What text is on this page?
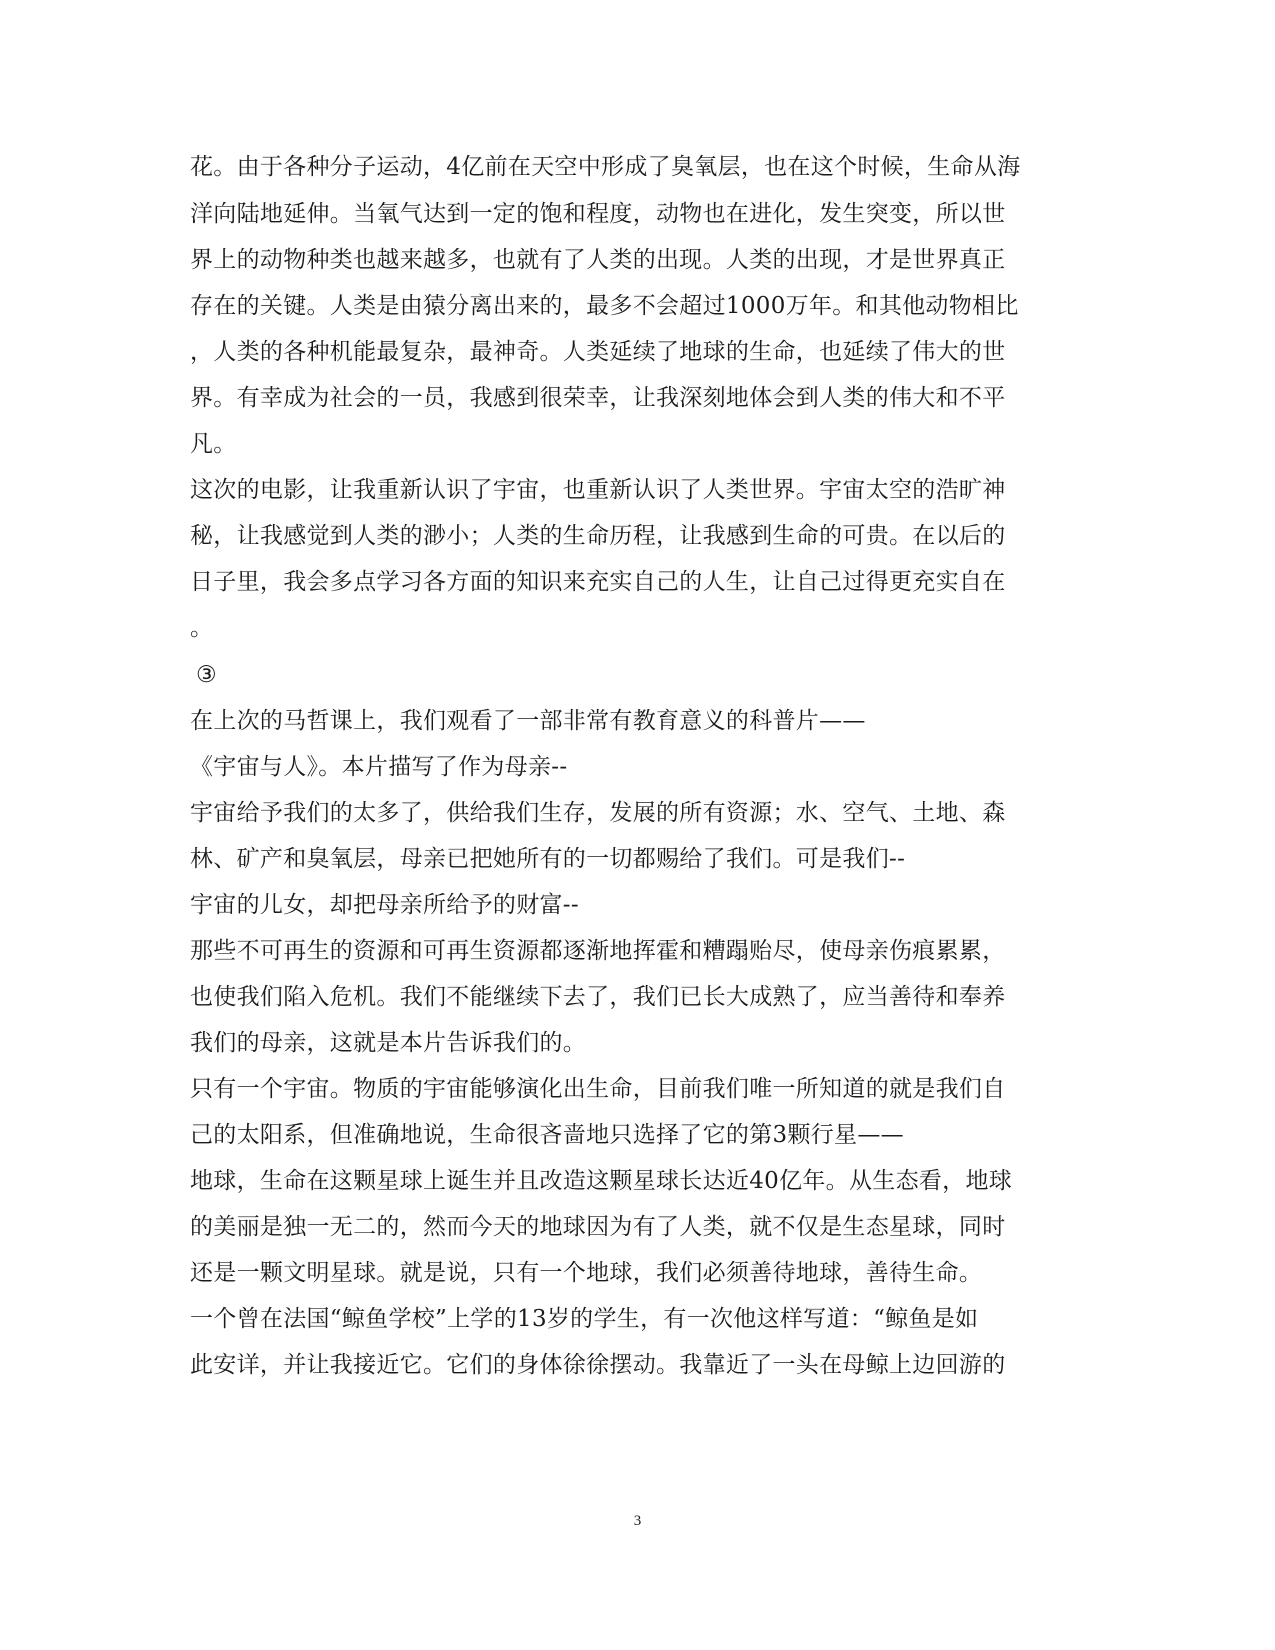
花。由于各种分子运动，4亿前在天空中形成了臭氧层，也在这个时候，生命从海
洋向陆地延伸。当氧气达到一定的饱和程度，动物也在进化，发生突变，所以世
界上的动物种类也越来越多，也就有了人类的出现。人类的出现，才是世界真正
存在的关键。人类是由猿分离出来的，最多不会超过1000万年。和其他动物相比
，人类的各种机能最复杂，最神奇。人类延续了地球的生命，也延续了伟大的世
界。有幸成为社会的一员，我感到很荣幸，让我深刻地体会到人类的伟大和不平
凡。
这次的电影，让我重新认识了宇宙，也重新认识了人类世界。宇宙太空的浩旷神
秘，让我感觉到人类的渺小；人类的生命历程，让我感到生命的可贵。在以后的
日子里，我会多点学习各方面的知识来充实自己的人生，让自己过得更充实自在
。
③
在上次的马哲课上，我们观看了一部非常有教育意义的科普片——
《宇宙与人》。本片描写了作为母亲--
宇宙给予我们的太多了，供给我们生存，发展的所有资源；水、空气、土地、森
林、矿产和臭氧层，母亲已把她所有的一切都赐给了我们。可是我们--
宇宙的儿女，却把母亲所给予的财富--
那些不可再生的资源和可再生资源都逐渐地挥霍和糟蹋贻尽，使母亲伤痕累累，
也使我们陷入危机。我们不能继续下去了，我们已长大成熟了，应当善待和奉养
我们的母亲，这就是本片告诉我们的。
只有一个宇宙。物质的宇宙能够演化出生命，目前我们唯一所知道的就是我们自
己的太阳系，但准确地说，生命很吝啬地只选择了它的第3颗行星——
地球，生命在这颗星球上诞生并且改造这颗星球长达近40亿年。从生态看，地球
的美丽是独一无二的，然而今天的地球因为有了人类，就不仅是生态星球，同时
还是一颗文明星球。就是说，只有一个地球，我们必须善待地球，善待生命。
一个曾在法国“鲸鱼学校”上学的13岁的学生，有一次他这样写道：“鲸鱼是如
此安详，并让我接近它。它们的身体徐徐摆动。我靠近了一头在母鲸上边回游的
3
